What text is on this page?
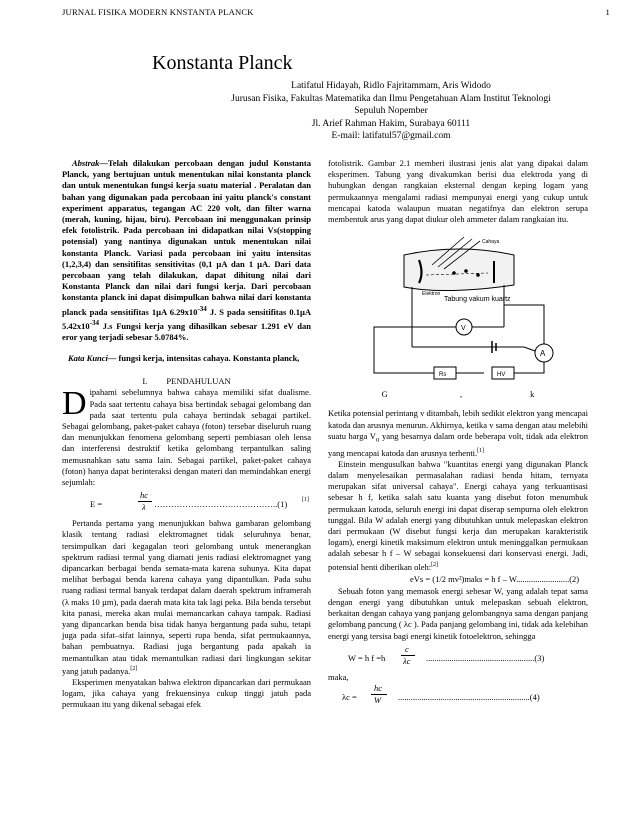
JURNAL FISIKA MODERN KNSTANTA PLANCK	1
Konstanta Planck
Latifatul Hidayah, Ridlo Fajritammam, Aris Widodo
Jurusan Fisika, Fakultas Matematika dan Ilmu Pengetahuan Alam Institut Teknologi
Sepuluh Nopember
Jl. Arief Rahman Hakim, Surabaya 60111
E-mail: latifatul57@gmail.com

Abstrak—Telah dilakukan percobaan dengan judul Konstanta Planck, yang bertujuan untuk menentukan nilai konstanta planck dan untuk menentukan fungsi kerja suatu material . Peralatan dan bahan yang digunakan pada percobaan ini yaitu planck's constant experiment apparatus, tegangan AC 220 volt, dan filter warna (merah, kuning, hijau, biru). Percobaan ini menggunakan prinsip efek fotolistrik. Pada percobaan ini didapatkan nilai Vs(stopping potensial) yang nantinya digunakan untuk menentukan nilai konstanta Planck. Variasi pada percobaan ini yaitu intensitas (1,2,3,4) dan sensitifitas sensitivitas (0,1 µA dan 1 µA. Dari data percobaan yang telah dilakukan, dapat dihitung nilai dari Konstanta Planck dan nilai dari fungsi kerja. Dari percobaan konstanta planck ini dapat disimpulkan bahwa nilai dari konstanta planck pada sensitifitas 1µA $6.29x10^{-34}$ J. S pada sensitifitas 0.1µA $5.42x10^{-34}$ J.s Fungsi kerja yang dihasilkan sebesar 1.291 eV dan eror yang terjadi sebesar 5.0784%.

Kata Kunci— fungsi kerja, intensitas cahaya. Konstanta planck,

I. PENDAHULUAN

Dipahami sebelumnya bahwa cahaya memiliki sifat dualisme. Pada saat tertentu cahaya bisa bertindak sebagai gelombang dan pada saat tertentu pula cahaya bertindak sebagai partikel. Sebagai gelombang, paket-paket cahaya (foton) tersebar diseluruh ruang dan menunjukkan fenomena gelombang seperti pembiasan oleh lensa dan interferensi destruktif ketika gelombang terpantulkan saling memusnahkan satu sama lain. Sebagai partikel, paket-paket cahaya (foton) hanya dapat berinteraksi dengan materi dan memindahkan energi sejumlah:

E =
hc
λ ……………………………………..(1) [1]

Pertanda pertama yang menunjukkan bahwa gambaran gelombang klasik tentang radiasi elektromagnet tidak seluruhnya benar, tersimpulkan dari kegagalan teori gelombang untuk menerangkan spektrum radiasi termal yang diamati jenis radiasi elektromagnet yang dipancarkan berbagai benda semata-mata karena suhunya. Kita dapat melihat berbagai benda karena cahaya yang dipantulkan. Pada suhu ruang radiasi termal banyak terdapat dalam daerah spektrum inframerah (λ maks 10 µm), pada daerah mata kita tak lagi peka. Bila benda tersebut kita panasi, mereka akan mulai memancarkan cahaya tampak. Radiasi yang dipancarkan benda bisa tidak hanya bergantung pada suhu, tetapi juga pada sifat–sifat lainnya, seperti rupa benda, sifat permukaannya, bahan pembuatnya. Radiasi juga bergantung pada apakah ia memantulkan atau tidak memantulkan radiasi dari lingkungan sekitar yang jatuh padanya.[2]

Eksperimen menyatakan bahwa elektron dipancarkan dari permukaan logam, jika cahaya yang frekuensinya cukup tinggi jatuh pada permukaan itu yang dikenal sebagai efek

fotolistrik. Gambar 2.1 memberi ilustrasi jenis alat yang dipakai dalam eksperimen. Tabung yang divakumkan berisi dua elektroda yang di hubungkan dengan rangkaian eksternal dengan keping logam yang permukaannya mengalami radiasi mempunyai energi yang cukup untuk mencapai katoda walaupun muatan negatifnya dan elektron serupa membentuk arus yang dapat diukur oleh ammeter dalam rangkaian itu.

Elektron
Cahaya
Tabung vakum kuartz
V
A
Rs	HV

G                                  ,                                k

Ketika potensial perintang v ditambah, lebih sedikit elektron yang mencapai katoda dan arusnya menurun. Akhirnya, ketika v sama dengan atau melebihi suatu harga $V_o$ yang besarnya dalam orde beberapa volt, tidak ada elektron yang mencapai katoda dan arusnya terhenti.[1]

Einstein mengusulkan bahwa "kuantitas energi yang digunakan Planck dalam menyelesaikan permasalahan radiasi benda hitam, ternyata merupakan sifat universal cahaya". Energi cahaya yang terkuantisasi sebesar h f, ketika salah satu kuanta yang disebut foton menumbuk permukaan katoda, seluruh energi ini dapat diserap sempurna oleh elektron tunggal. Bila W adalah energi yang dibutuhkan untuk melepaskan elektron dari permukaan (W disebut fungsi kerja dan merupakan karakteristik logam), energi kinetik maksimum elektron untuk meninggalkan permukaan adalah sebesar h f – W sebagai konsekuensi dari konservasi energi. Jadi, potensial henti diberikan oleh:[2]

eVs = (1/2 mv²)maks = h f – W.........................(2)

Sebuah foton yang memasok energi sebesar W, yang adalah tepat sama dengan energi yang dibutuhkan untuk melepaskan sebuah elektron, berkaitan dengan cahaya yang panjang gelombangnya sama dengan panjang gelombang pancung ( λc ). Pada panjang gelombang ini, tidak ada kelebihan energi yang tersisa bagi energi kinetik fotoelektron, sehingga

W = h f =h
c
λc ...................................................(3)

maka,

λc =
hc
W ..............................................................(4)
